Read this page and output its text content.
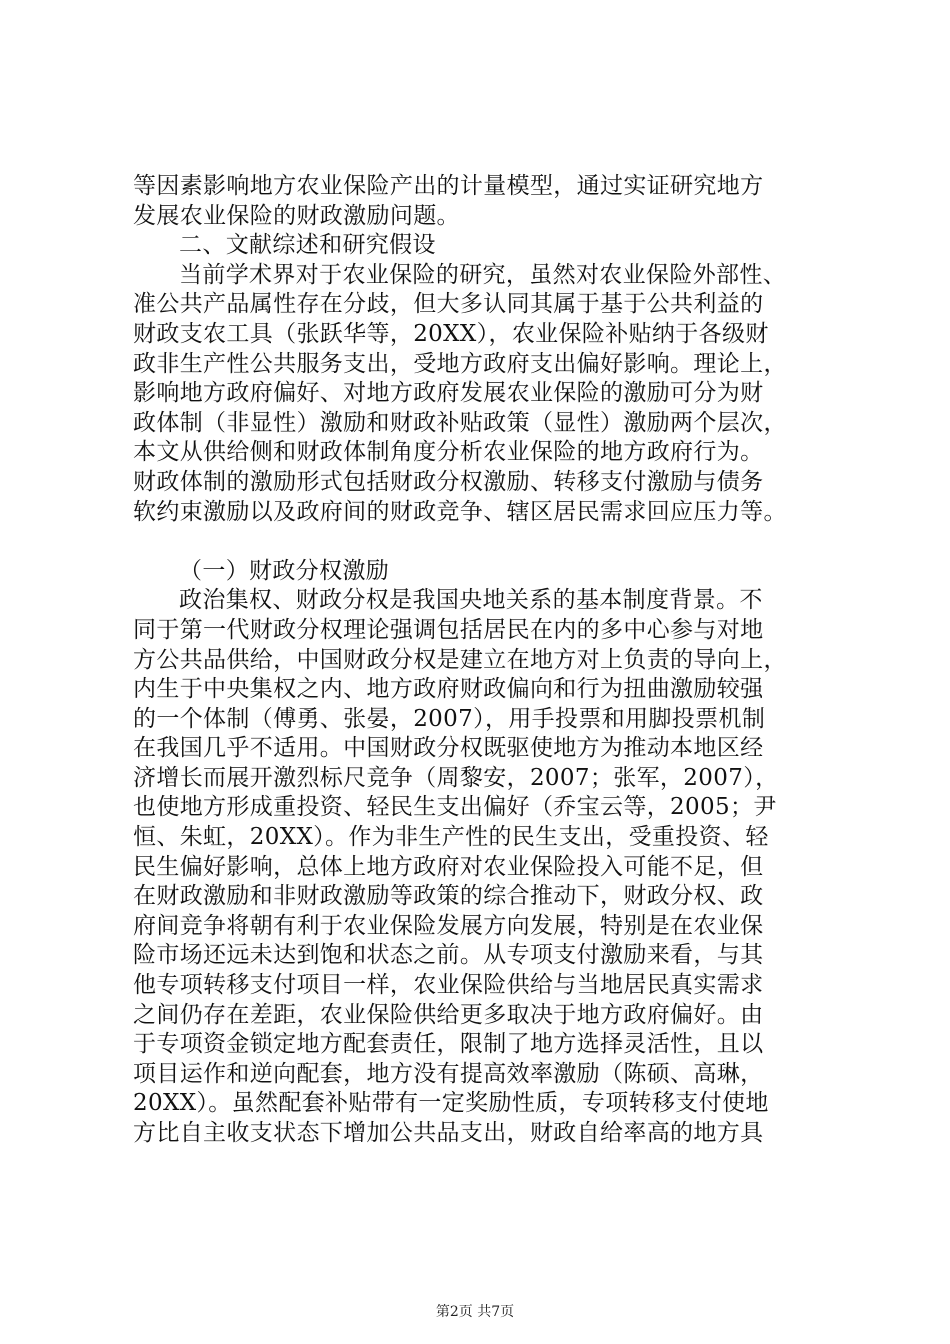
等因素影响地方农业保险产出的计量模型，通过实证研究地方
发展农业保险的财政激励问题。
二、文献综述和研究假设
当前学术界对于农业保险的研究，虽然对农业保险外部性、
准公共产品属性存在分歧，但大多认同其属于基于公共利益的
财政支农工具（张跃华等，20XX），农业保险补贴纳于各级财
政非生产性公共服务支出，受地方政府支出偏好影响。理论上，
影响地方政府偏好、对地方政府发展农业保险的激励可分为财
政体制（非显性）激励和财政补贴政策（显性）激励两个层次，
本文从供给侧和财政体制角度分析农业保险的地方政府行为。
财政体制的激励形式包括财政分权激励、转移支付激励与债务
软约束激励以及政府间的财政竞争、辖区居民需求回应压力等。
（一）财政分权激励
政治集权、财政分权是我国央地关系的基本制度背景。不
同于第一代财政分权理论强调包括居民在内的多中心参与对地
方公共品供给，中国财政分权是建立在地方对上负责的导向上，
内生于中央集权之内、地方政府财政偏向和行为扭曲激励较强
的一个体制（傅勇、张晏，2007），用手投票和用脚投票机制
在我国几乎不适用。中国财政分权既驱使地方为推动本地区经
济增长而展开激烈标尺竞争（周黎安，2007；张军，2007），
也使地方形成重投资、轻民生支出偏好（乔宝云等，2005；尹
恒、朱虹，20XX）。作为非生产性的民生支出，受重投资、轻
民生偏好影响，总体上地方政府对农业保险投入可能不足，但
在财政激励和非财政激励等政策的综合推动下，财政分权、政
府间竞争将朝有利于农业保险发展方向发展，特别是在农业保
险市场还远未达到饱和状态之前。从专项支付激励来看，与其
他专项转移支付项目一样，农业保险供给与当地居民真实需求
之间仍存在差距，农业保险供给更多取决于地方政府偏好。由
于专项资金锁定地方配套责任，限制了地方选择灵活性，且以
项目运作和逆向配套，地方没有提高效率激励（陈硕、高琳，
20XX）。虽然配套补贴带有一定奖励性质，专项转移支付使地
方比自主收支状态下增加公共品支出，财政自给率高的地方具
第2页 共7页
